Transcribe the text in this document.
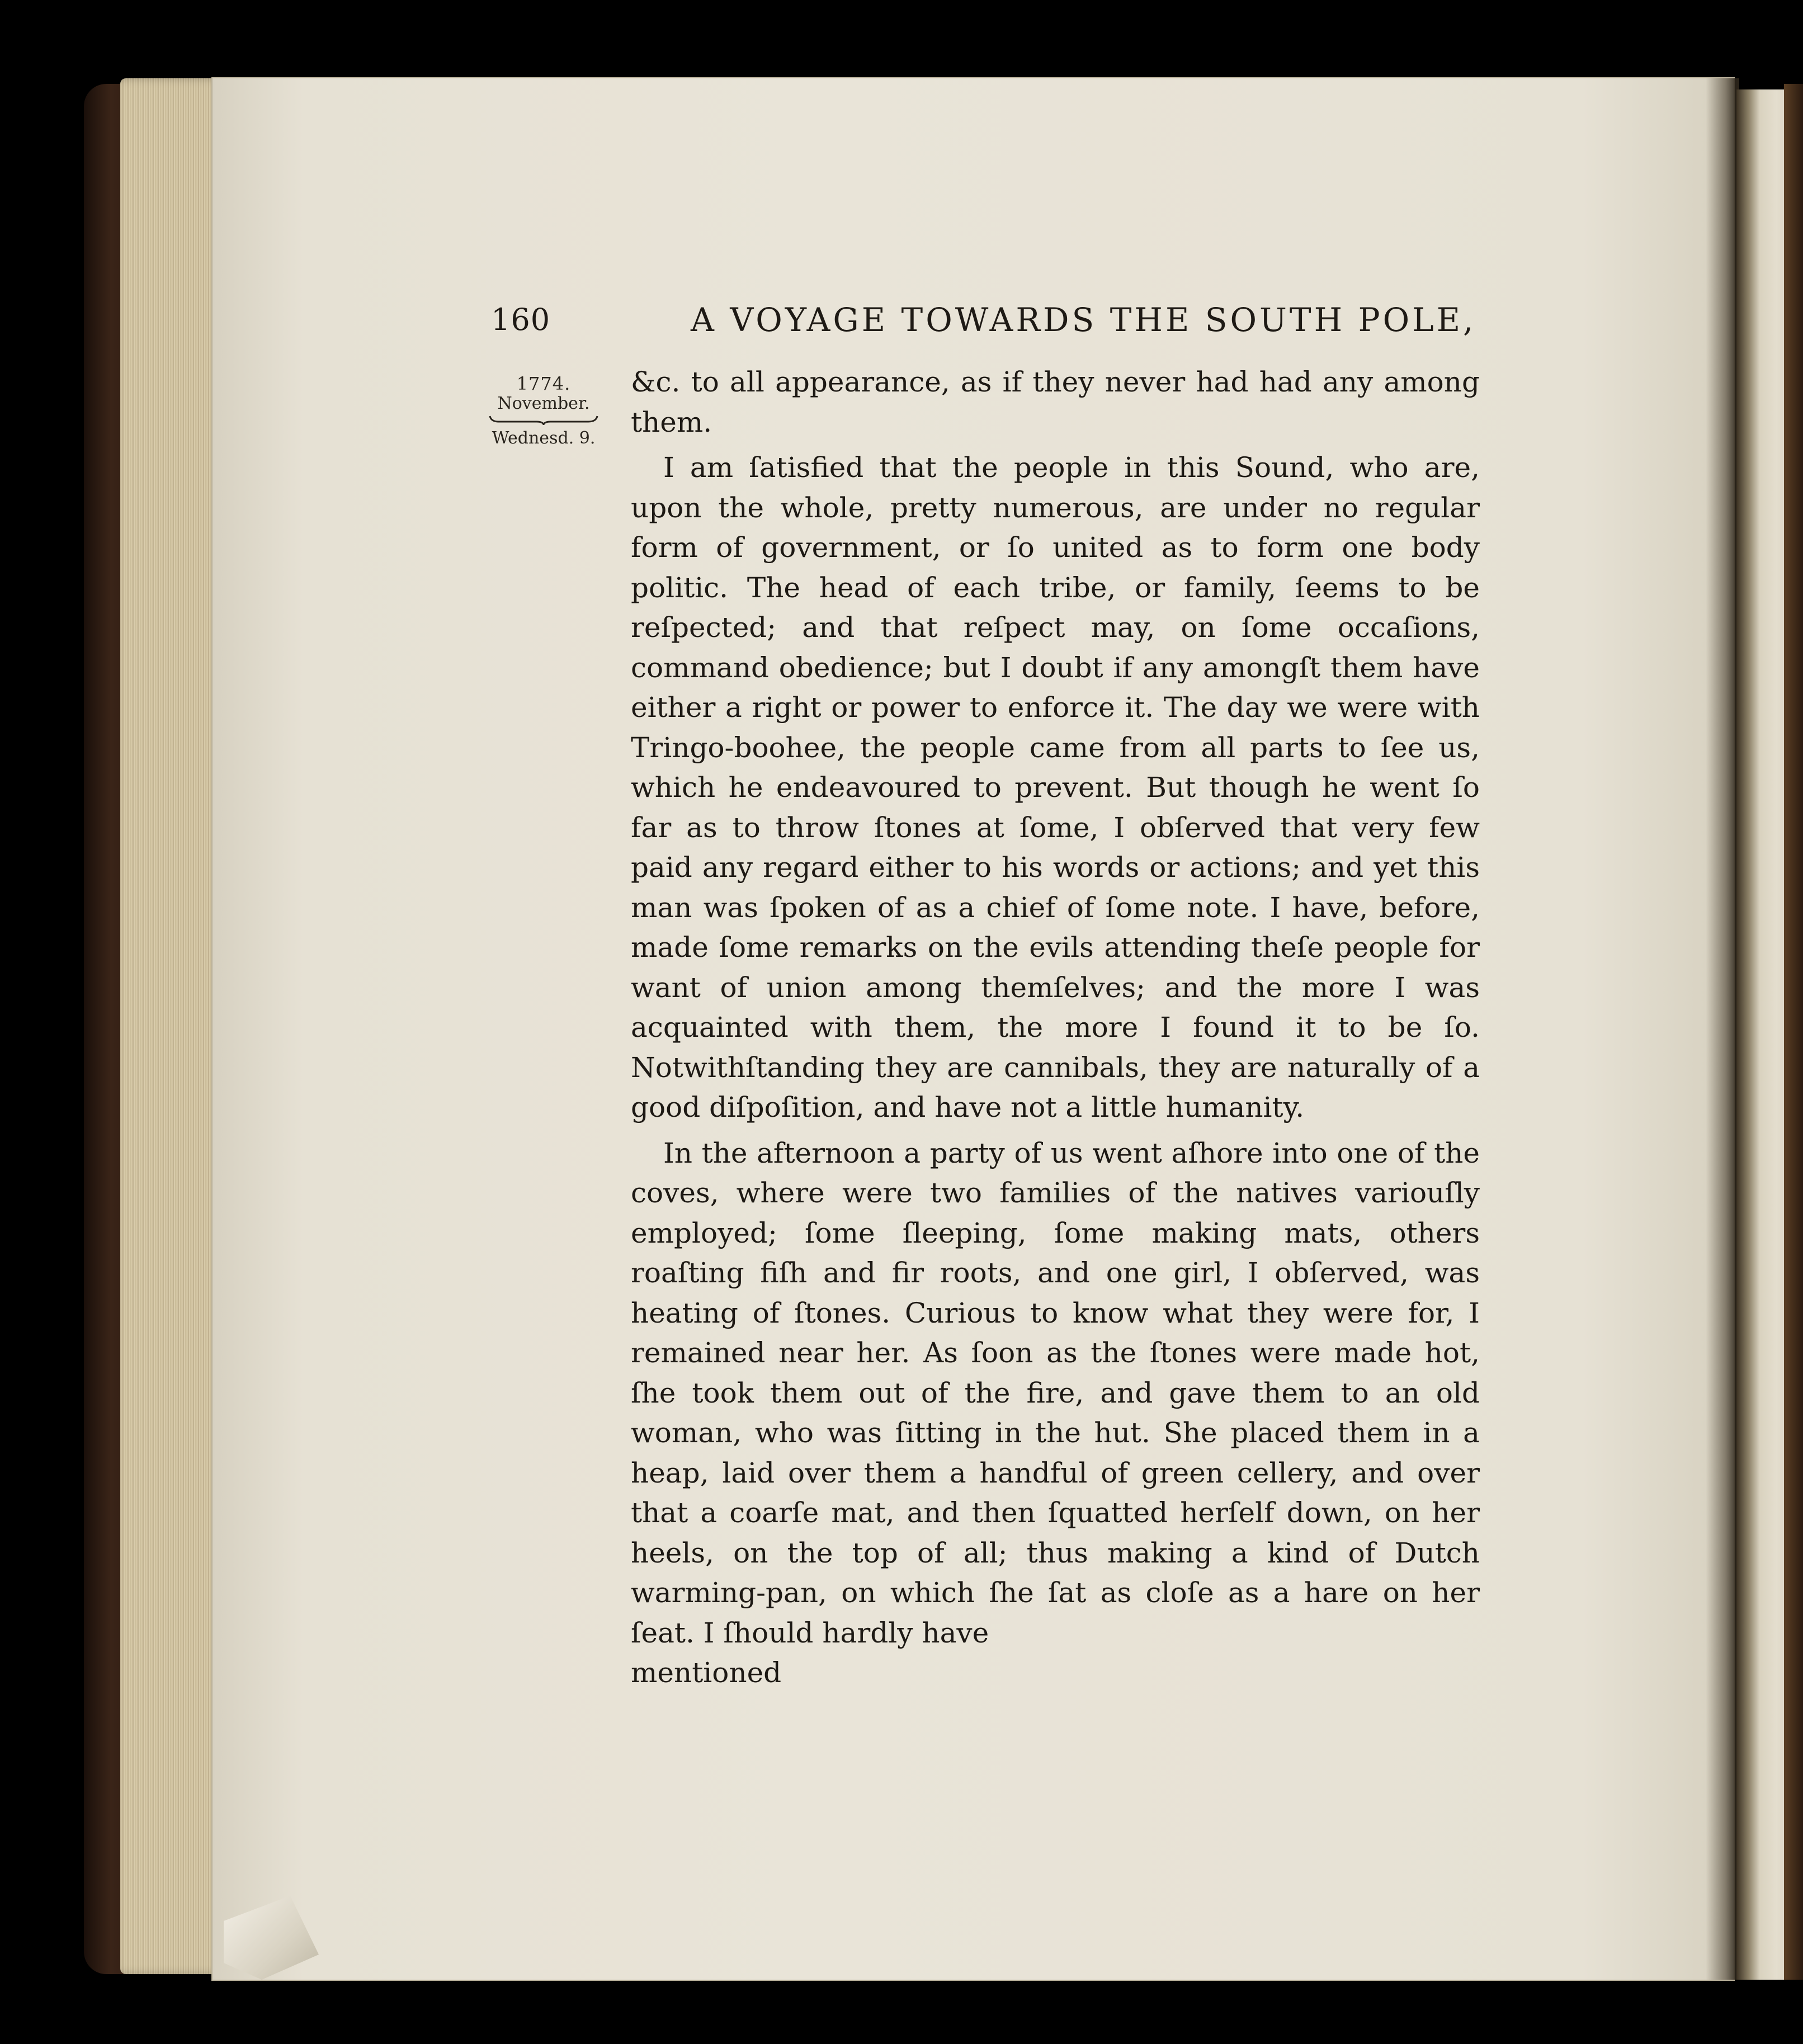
160	A VOYAGE TOWARDS THE SOUTH POLE,
1774.
November.
Wednesd. 9.

&c. to all appearance, as if they never had had any among them.

I am ſatisfied that the people in this Sound, who are, upon the whole, pretty numerous, are under no regular form of government, or ſo united as to form one body politic. The head of each tribe, or family, ſeems to be reſpected; and that reſpect may, on ſome occaſions, command obedience; but I doubt if any amongſt them have either a right or power to enforce it. The day we were with Tringo-boohee, the people came from all parts to ſee us, which he endeavoured to prevent. But though he went ſo far as to throw ſtones at ſome, I obſerved that very few paid any regard either to his words or actions; and yet this man was ſpoken of as a chief of ſome note. I have, before, made ſome remarks on the evils attending theſe people for want of union among themſelves; and the more I was acquainted with them, the more I found it to be ſo. Notwithſtanding they are cannibals, they are naturally of a good diſpoſition, and have not a little humanity.

In the afternoon a party of us went aſhore into one of the coves, where were two families of the natives variouſly employed; ſome ſleeping, ſome making mats, others roaſting fiſh and fir roots, and one girl, I obſerved, was heating of ſtones. Curious to know what they were for, I remained near her. As ſoon as the ſtones were made hot, ſhe took them out of the fire, and gave them to an old woman, who was ſitting in the hut. She placed them in a heap, laid over them a handful of green cellery, and over that a coarſe mat, and then ſquatted herſelf down, on her heels, on the top of all; thus making a kind of Dutch warming-pan, on which ſhe ſat as cloſe as a hare on her ſeat. I ſhould hardly have

mentioned
